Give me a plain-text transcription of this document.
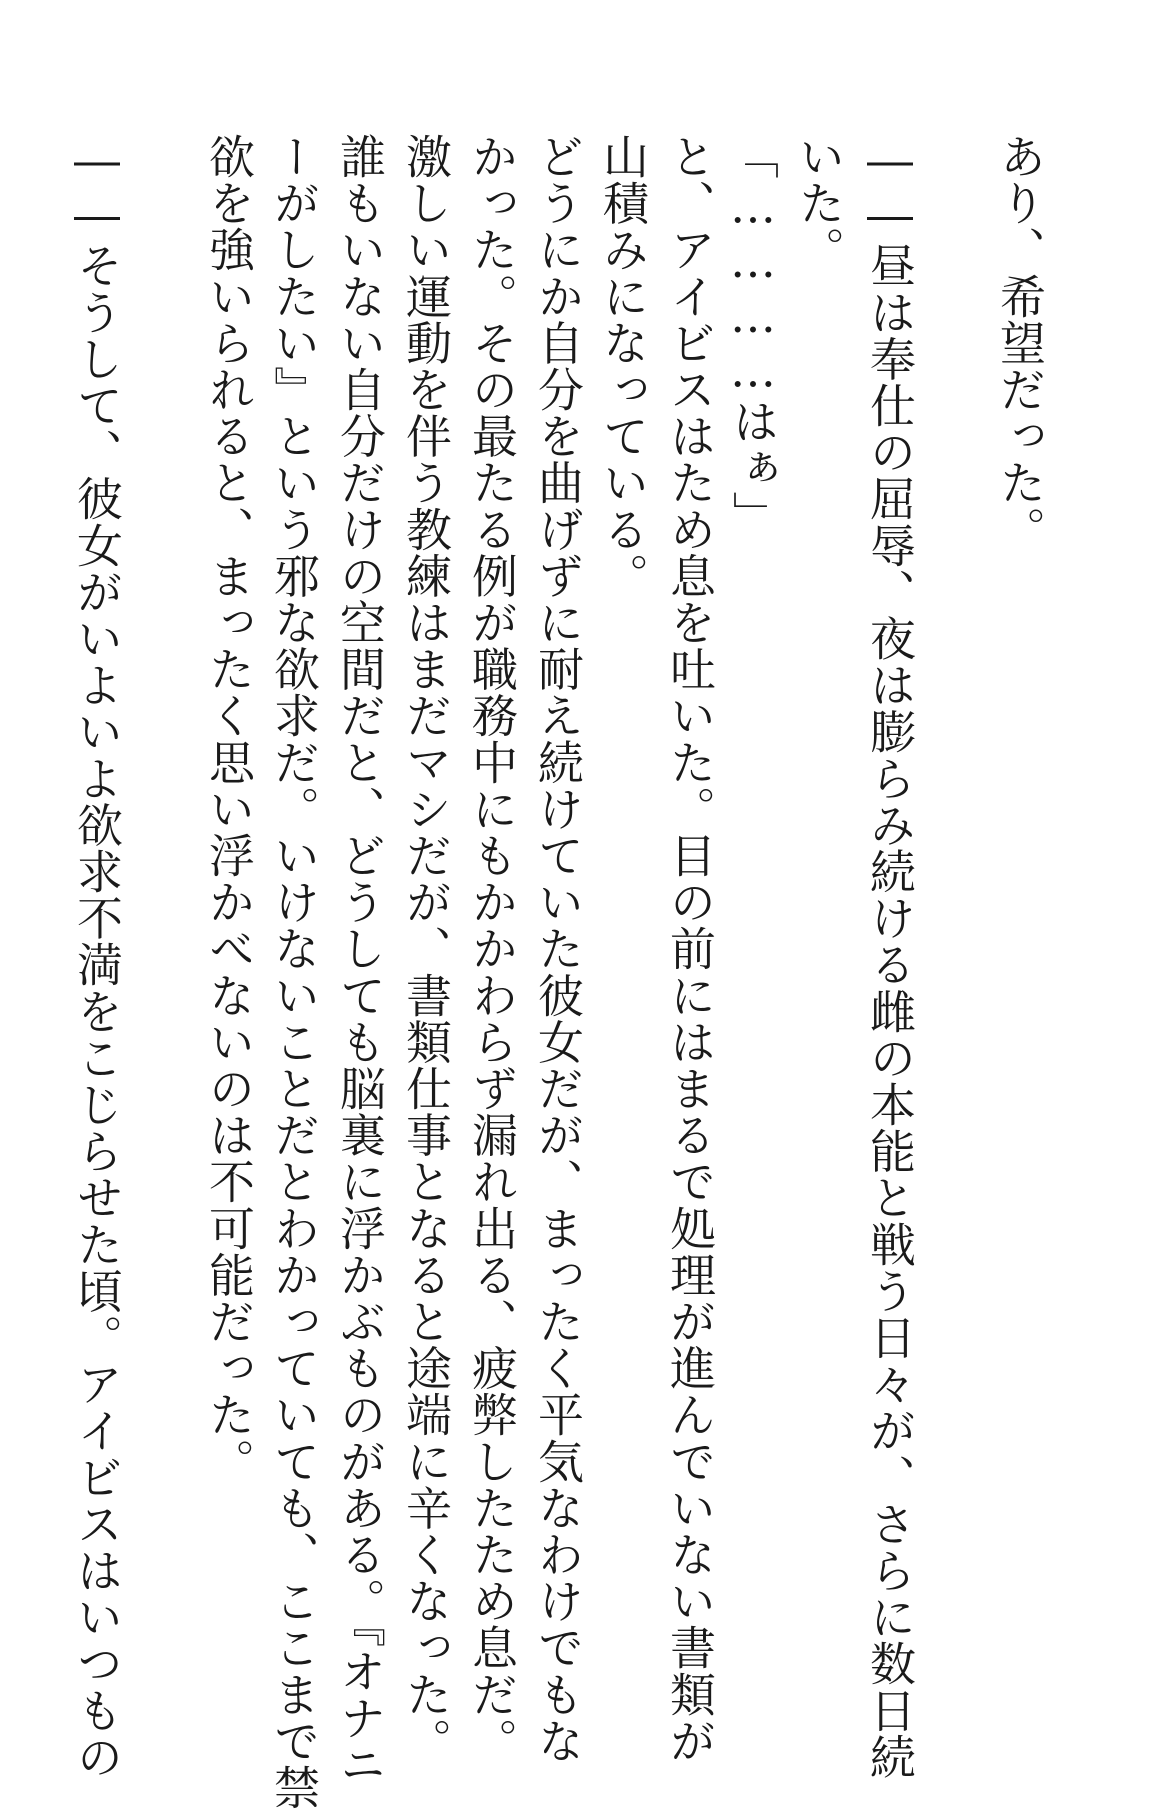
あり、希望だった。
――昼は奉仕の屈辱、夜は膨らみ続ける雌の本能と戦う日々が、さらに数日続
いた。
「…………はぁ」
と、アイビスはため息を吐いた。目の前にはまるで処理が進んでいない書類が
山積みになっている。
どうにか自分を曲げずに耐え続けていた彼女だが、まったく平気なわけでもな
かった。その最たる例が職務中にもかかわらず漏れ出る、疲弊したため息だ。
激しい運動を伴う教練はまだマシだが、書類仕事となると途端に辛くなった。
誰もいない自分だけの空間だと、どうしても脳裏に浮かぶものがある。『オナニ
ーがしたい』という邪な欲求だ。いけないことだとわかっていても、ここまで禁
欲を強いられると、まったく思い浮かべないのは不可能だった。
――そうして、彼女がいよいよ欲求不満をこじらせた頃。アイビスはいつもの
